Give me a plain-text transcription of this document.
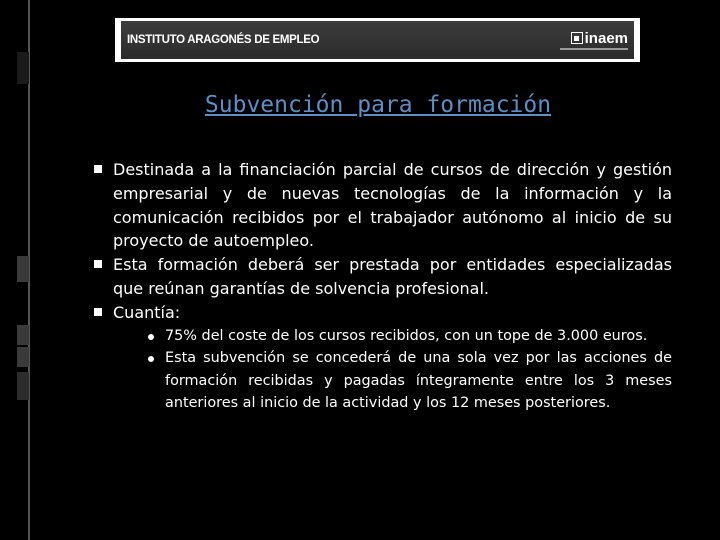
INSTITUTO ARAGONÉS DE EMPLEO	inaem
Subvención para formación

Destinada a la financiación parcial de cursos de dirección y gestión empresarial y de nuevas tecnologías de la información y la comunicación recibidos por el trabajador autónomo al inicio de su proyecto de autoempleo.

Esta formación deberá ser prestada por entidades especializadas que reúnan garantías de solvencia profesional.

Cuantía:

75% del coste de los cursos recibidos, con un tope de 3.000 euros.

Esta subvención se concederá de una sola vez por las acciones de formación recibidas y pagadas íntegramente entre los 3 meses anteriores al inicio de la actividad y los 12 meses posteriores.
